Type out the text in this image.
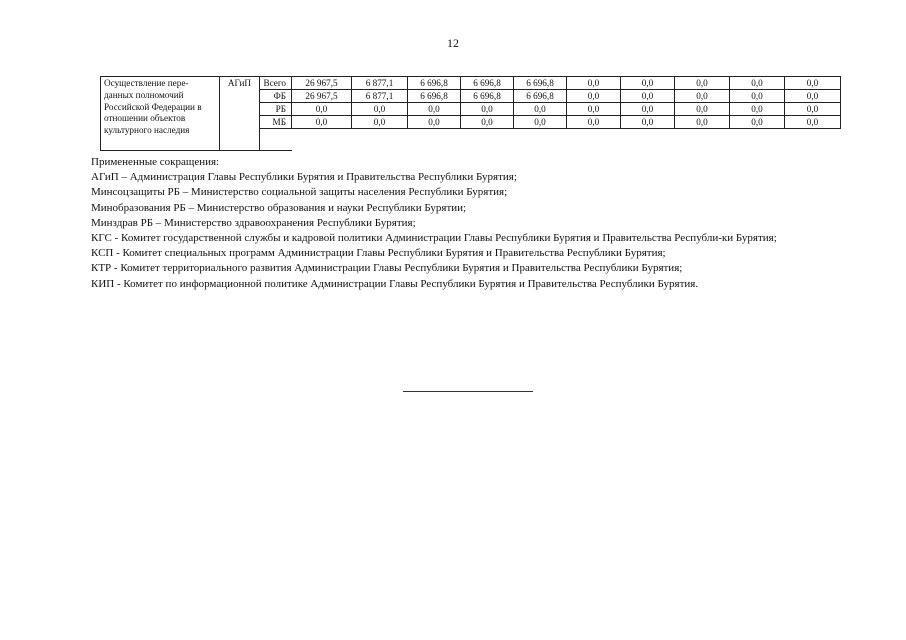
12
Осуществление пере-данных полномочий Российской Федерации в отношении объектов культурного наследия	АГиП	Всего	26 967,5	6 877,1	6 696,8	6 696,8	6 696,8	0,0	0,0	0,0	0,0	0,0
		ФБ	26 967,5	6 877,1	6 696,8	6 696,8	6 696,8	0,0	0,0	0,0	0,0	0,0
		РБ	0,0	0,0	0,0	0,0	0,0	0,0	0,0	0,0	0,0	0,0
		МБ	0,0	0,0	0,0	0,0	0,0	0,0	0,0	0,0	0,0	0,0

Примененные сокращения:

АГиП – Администрация Главы Республики Бурятия и Правительства Республики Бурятия;

Минсоцзащиты РБ – Министерство социальной защиты населения Республики Бурятия;

Минобразования РБ – Министерство образования и науки Республики Бурятии;

Минздрав РБ – Министерство здравоохранения Республики Бурятия;

КГС - Комитет государственной службы и кадровой политики Администрации Главы Республики Бурятия и Правительства Республи-ки Бурятия;

КСП - Комитет специальных программ Администрации Главы Республики Бурятия и Правительства Республики Бурятия;

КТР - Комитет территориального развития Администрации Главы Республики Бурятия и Правительства Республики Бурятия;

КИП - Комитет по информационной политике Администрации Главы Республики Бурятия и Правительства Республики Бурятия.
